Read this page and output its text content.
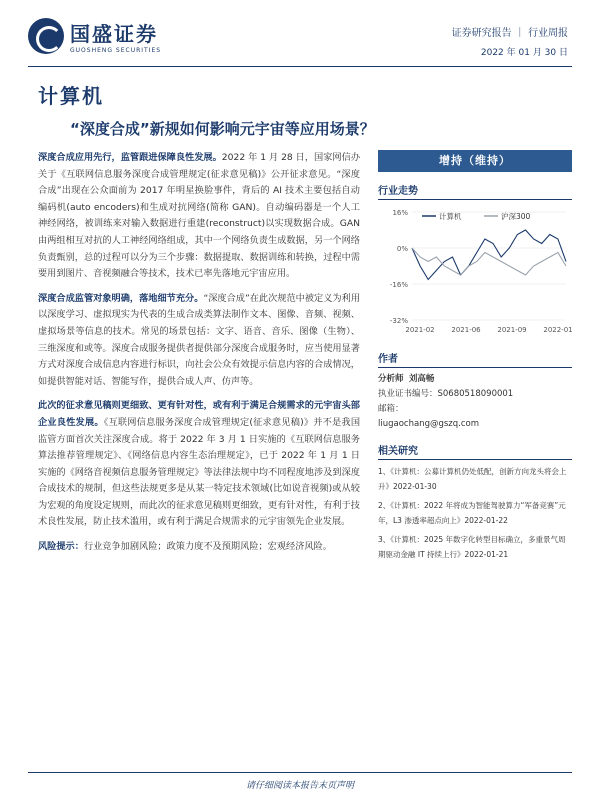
国盛证券
GUOSHENG SECURITIES
证券研究报告 ｜ 行业周报
2022 年 01 月 30 日
计算机
“深度合成”新规如何影响元宇宙等应用场景？

深度合成应用先行，监管跟进保障良性发展。2022 年 1 月 28 日，国家网信办关于《互联网信息服务深度合成管理规定(征求意见稿)》公开征求意见。“深度合成”出现在公众面前为 2017 年明星换脸事件，背后的 AI 技术主要包括自动编码机(auto encoders)和生成对抗网络(简称 GAN)。自动编码器是一个人工神经网络，被训练来对输入数据进行重建(reconstruct)以实现数据合成。GAN 由两组相互对抗的人工神经网络组成，其中一个网络负责生成数据，另一个网络负责甄别，总的过程可以分为三个步骤：数据提取、数据训练和转换，过程中需要用到图片、音视频融合等技术，技术已率先落地元宇宙应用。

深度合成监管对象明确，落地细节充分。“深度合成”在此次规范中被定义为利用以深度学习、虚拟现实为代表的生成合成类算法制作文本、图像、音频、视频、虚拟场景等信息的技术。常见的场景包括：文字、语音、音乐、图像（生物）、三维深度和或等。深度合成服务提供者提供部分深度合成服务时，应当使用显著方式对深度合成信息内容进行标识，向社会公众有效提示信息内容的合成情况，如提供智能对话、智能写作，提供合成人声、仿声等。

此次的征求意见稿则更细致、更有针对性，或有利于满足合规需求的元宇宙头部企业良性发展。《互联网信息服务深度合成管理规定(征求意见稿)》并不是我国监管方面首次关注深度合成。将于 2022 年 3 月 1 日实施的《互联网信息服务算法推荐管理规定》、《网络信息内容生态治理规定》，已于 2022 年 1 月 1 日实施的《网络音视频信息服务管理规定》等法律法规中均不同程度地涉及到深度合成技术的规制，但这些法规更多是从某一特定技术领域(比如说音视频)或从较为宏观的角度设定规则，而此次的征求意见稿则更细致，更有针对性，有利于技术良性发展，防止技术滥用，或有利于满足合规需求的元宇宙领先企业发展。

风险提示：行业竞争加剧风险；政策力度不及预期风险；宏观经济风险。

增持（维持）
行业走势
16%
0%
-16%
-32%
2021-02 2021-06 2021-09 2022-01
计算机	沪深300
作者
分析师 刘高畅
执业证书编号：S0680518090001
邮箱：
liugaochang@gszq.com
相关研究
1、《计算机：公募计算机仍处低配，创新方向龙头将会上升》2022-01-30
2、《计算机：2022 年将成为智能驾驶算力“军备竞赛”元年，L3 渗透率超点向上》2022-01-22
3、《计算机：2025 年数字化转型目标确立，多重景气周期驱动金融 IT 持续上行》2022-01-21
请仔细阅读本报告末页声明
